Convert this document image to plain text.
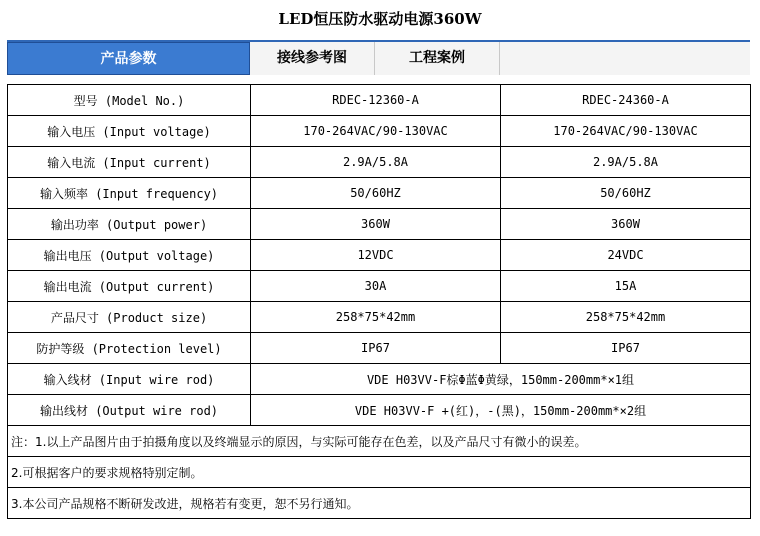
LED恒压防水驱动电源360W
产品参数	接线参考图	工程案例
型号 (Model No.)	RDEC-12360-A	RDEC-24360-A
输入电压 (Input voltage)	170-264VAC/90-130VAC	170-264VAC/90-130VAC
输入电流 (Input current)	2.9A/5.8A	2.9A/5.8A
输入频率 (Input frequency)	50/60HZ	50/60HZ
输出功率 (Output power)	360W	360W
输出电压 (Output voltage)	12VDC	24VDC
输出电流 (Output current)	30A	15A
产品尺寸 (Product size)	258*75*42mm	258*75*42mm
防护等级 (Protection level)	IP67	IP67
输入线材 (Input wire rod)	VDE H03VV-F棕Φ蓝Φ黄绿，150mm-200mm*×1组	
输出线材 (Output wire rod)	VDE H03VV-F +(红)，-(黑)，150mm-200mm*×2组	
注：1.以上产品图片由于拍摄角度以及终端显示的原因，与实际可能存在色差，以及产品尺寸有微小的误差。		
2.可根据客户的要求规格特别定制。		
3.本公司产品规格不断研发改进，规格若有变更，恕不另行通知。		
